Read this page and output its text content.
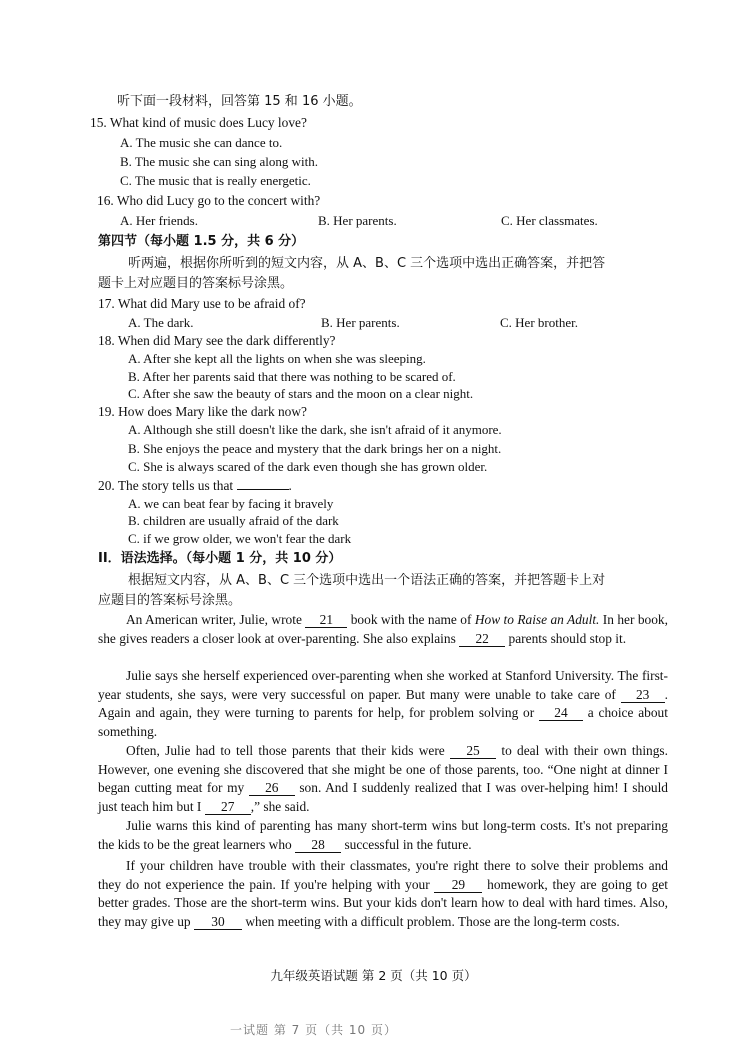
听下面一段材料，回答第 15 和 16 小题。
15. What kind of music does Lucy love?
A. The music she can dance to.
B. The music she can sing along with.
C. The music that is really energetic.
16. Who did Lucy go to the concert with?
A. Her friends.	B. Her parents.	C. Her classmates.
第四节（每小题 1.5 分，共 6 分）
听两遍，根据你所听到的短文内容，从 A、B、C 三个选项中选出正确答案，并把答
题卡上对应题目的答案标号涂黑。
17. What did Mary use to be afraid of?
A. The dark.	B. Her parents.	C. Her brother.
18. When did Mary see the dark differently?
A. After she kept all the lights on when she was sleeping.
B. After her parents said that there was nothing to be scared of.
C. After she saw the beauty of stars and the moon on a clear night.
19. How does Mary like the dark now?
A. Although she still doesn't like the dark, she isn't afraid of it anymore.
B. She enjoys the peace and mystery that the dark brings her on a night.
C. She is always scared of the dark even though she has grown older.
20. The story tells us that	.
A. we can beat fear by facing it bravely
B. children are usually afraid of the dark
C. if we grow older, we won't fear the dark
II．语法选择。（每小题 1 分，共 10 分）
根据短文内容，从 A、B、C 三个选项中选出一个语法正确的答案，并把答题卡上对
应题目的答案标号涂黑。
An American writer, Julie, wrote 21 book with the name of How to Raise an Adult. In her book, she gives readers a closer look at over-parenting. She also explains 22 parents should stop it.
Julie says she herself experienced over-parenting when she worked at Stanford University. The first-year students, she says, were very successful on paper. But many were unable to take care of 23 . Again and again, they were turning to parents for help, for problem solving or 24 a choice about something.
Often, Julie had to tell those parents that their kids were 25 to deal with their own things. However, one evening she discovered that she might be one of those parents, too. “One night at dinner I began cutting meat for my 26 son. And I suddenly realized that I was over-helping him! I should just teach him but I 27 ,” she said.
Julie warns this kind of parenting has many short-term wins but long-term costs. It's not preparing the kids to be the great learners who 28 successful in the future.
If your children have trouble with their classmates, you're right there to solve their problems and they do not experience the pain. If you're helping with your 29 homework, they are going to get better grades. Those are the short-term wins. But your kids don't learn how to deal with hard times. Also, they may give up 30 when meeting with a difficult problem. Those are the long-term costs.
九年级英语试题 第 2 页（共 10 页）
一试题 第 7 页（共 10 页）
